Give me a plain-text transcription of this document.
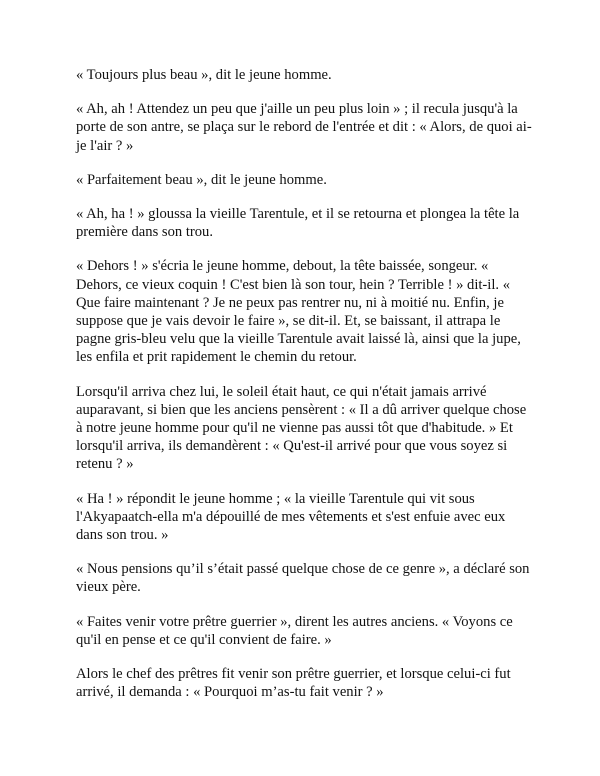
« Toujours plus beau », dit le jeune homme.

« Ah, ah ! Attendez un peu que j'aille un peu plus loin » ; il recula jusqu'à la porte de son antre, se plaça sur le rebord de l'entrée et dit : « Alors, de quoi ai-je l'air ? »

« Parfaitement beau », dit le jeune homme.

« Ah, ha ! » gloussa la vieille Tarentule, et il se retourna et plongea la tête la première dans son trou.

« Dehors ! » s'écria le jeune homme, debout, la tête baissée, songeur. « Dehors, ce vieux coquin ! C'est bien là son tour, hein ? Terrible ! » dit-il. « Que faire maintenant ? Je ne peux pas rentrer nu, ni à moitié nu. Enfin, je suppose que je vais devoir le faire », se dit-il. Et, se baissant, il attrapa le pagne gris-bleu velu que la vieille Tarentule avait laissé là, ainsi que la jupe, les enfila et prit rapidement le chemin du retour.

Lorsqu'il arriva chez lui, le soleil était haut, ce qui n'était jamais arrivé auparavant, si bien que les anciens pensèrent : « Il a dû arriver quelque chose à notre jeune homme pour qu'il ne vienne pas aussi tôt que d'habitude. » Et lorsqu'il arriva, ils demandèrent : « Qu'est-il arrivé pour que vous soyez si retenu ? »

« Ha ! » répondit le jeune homme ; « la vieille Tarentule qui vit sous l'Akyapaatch-ella m'a dépouillé de mes vêtements et s'est enfuie avec eux dans son trou. »

« Nous pensions qu’il s’était passé quelque chose de ce genre », a déclaré son vieux père.

« Faites venir votre prêtre guerrier », dirent les autres anciens. « Voyons ce qu'il en pense et ce qu'il convient de faire. »

Alors le chef des prêtres fit venir son prêtre guerrier, et lorsque celui-ci fut arrivé, il demanda : « Pourquoi m’as-tu fait venir ? »
